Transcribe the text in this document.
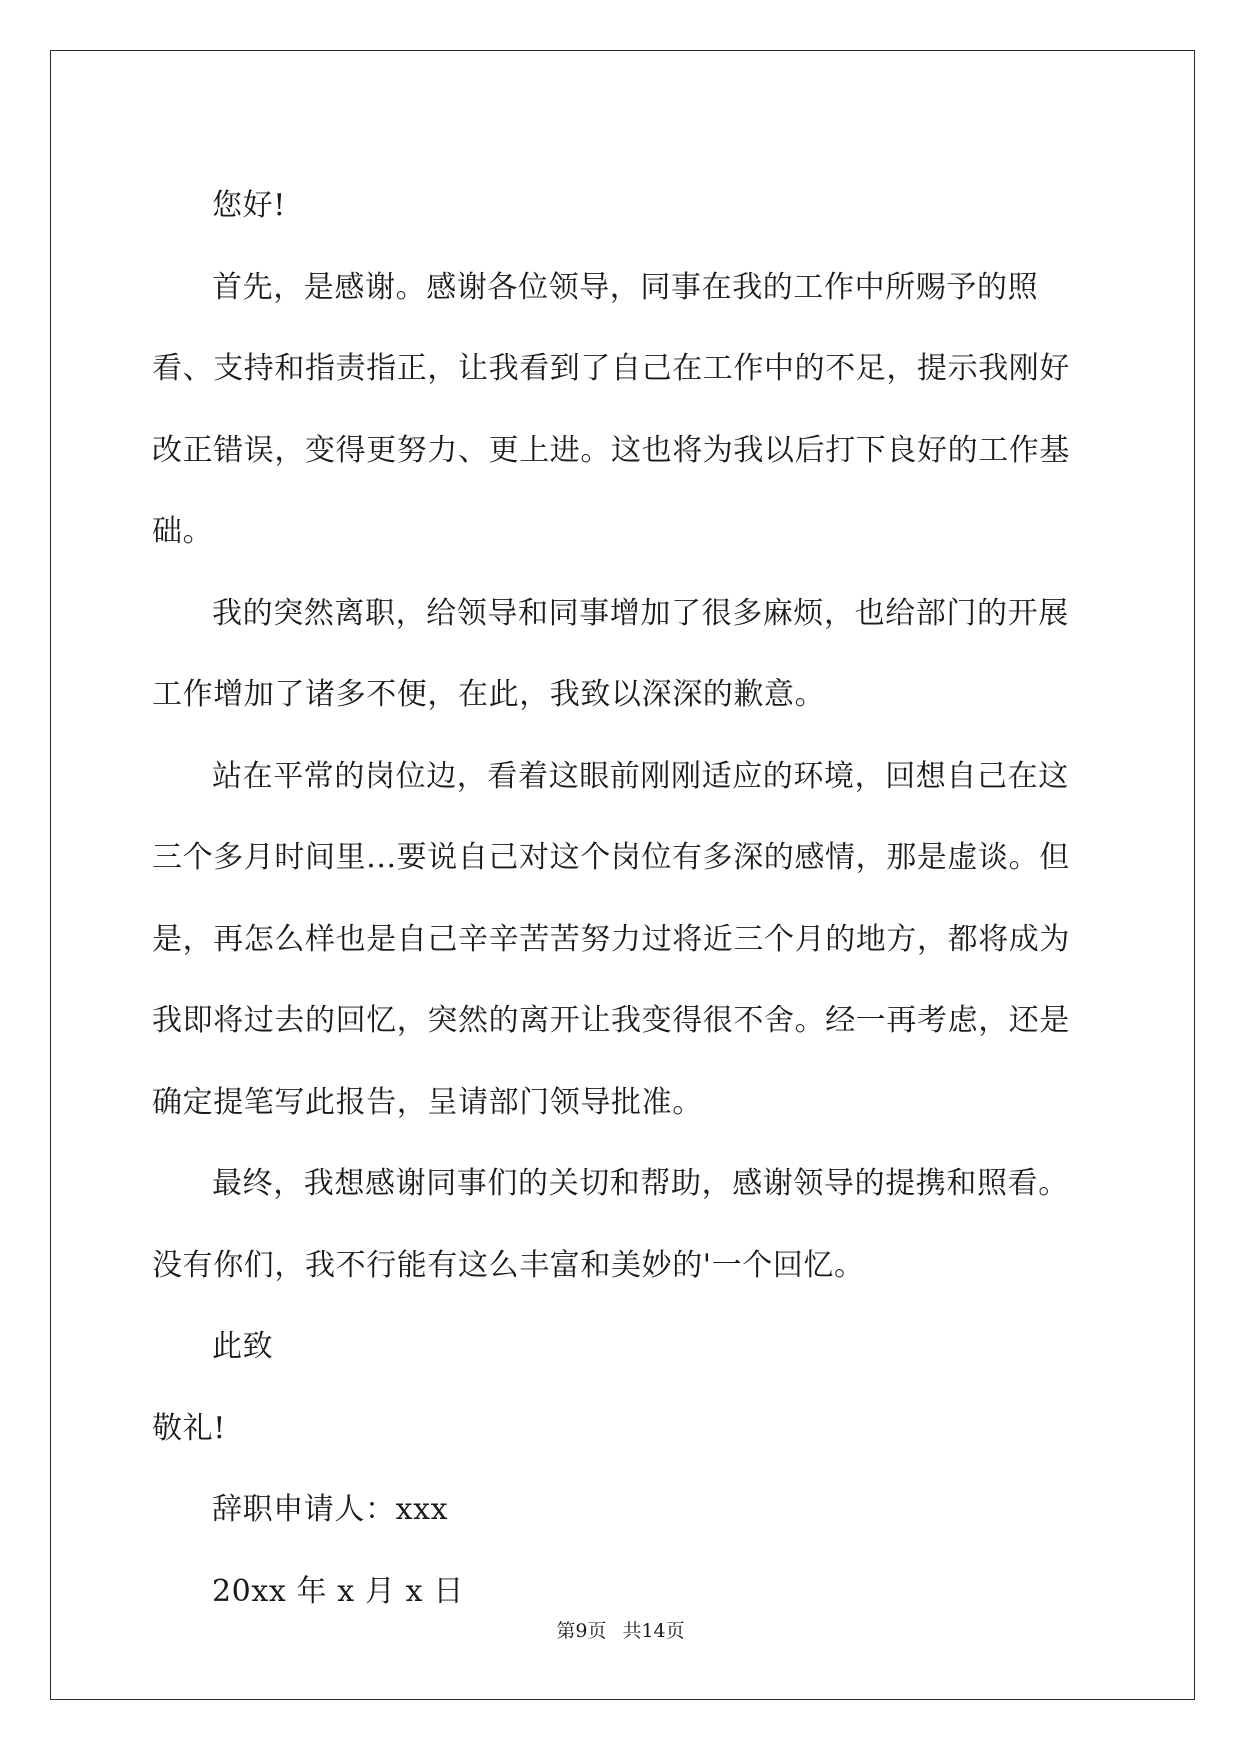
您好!

首先，是感谢。感谢各位领导，同事在我的工作中所赐予的照看、支持和指责指正，让我看到了自己在工作中的不足，提示我刚好改正错误，变得更努力、更上进。这也将为我以后打下良好的工作基础。

我的突然离职，给领导和同事增加了很多麻烦，也给部门的开展工作增加了诸多不便，在此，我致以深深的歉意。

站在平常的岗位边，看着这眼前刚刚适应的环境，回想自己在这三个多月时间里...要说自己对这个岗位有多深的感情，那是虚谈。但是，再怎么样也是自己辛辛苦苦努力过将近三个月的地方，都将成为我即将过去的回忆，突然的离开让我变得很不舍。经一再考虑，还是确定提笔写此报告，呈请部门领导批准。

最终，我想感谢同事们的关切和帮助，感谢领导的提携和照看。没有你们，我不行能有这么丰富和美妙的'一个回忆。

此致

敬礼!

辞职申请人：xxx

20xx 年 x 月 x 日

第9页 共14页
